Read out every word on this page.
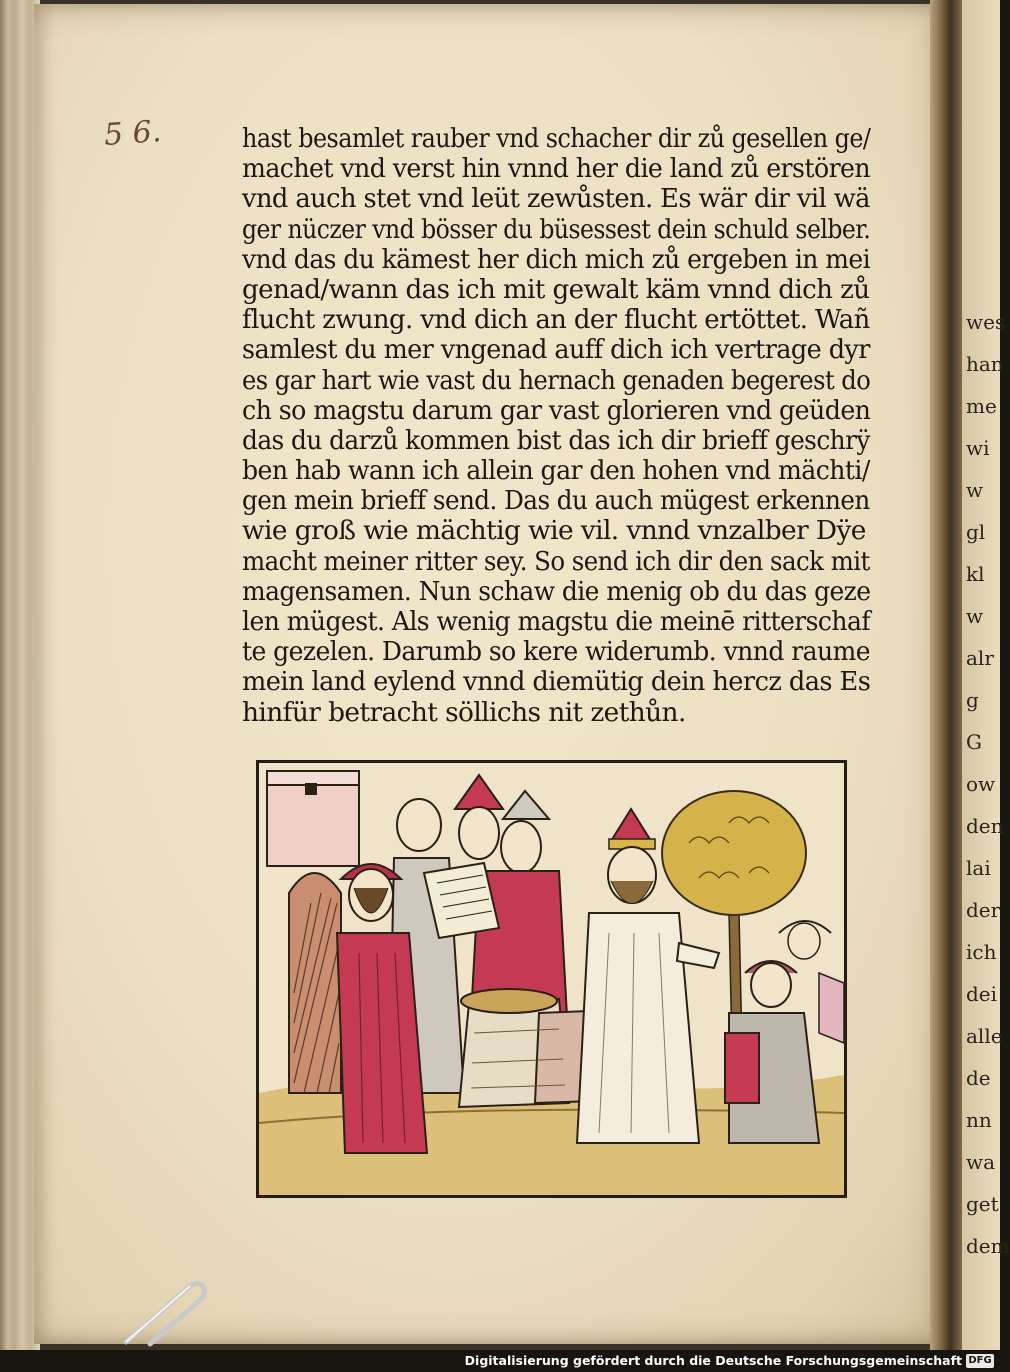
wes
han
me
wi
w
gl
kl
w
alr
g
G
ow
den
lai
der
ich
dei
alle
de
nn
wa
get
dem
5 6.	hast besamlet rauber vnd schacher dir zů gesellen ge/
machet vnd verst hin vnnd her die land zů erstören
vnd auch stet vnd leüt zewůsten. Es wär dir vil wä
ger nüczer vnd bösser du büsessest dein schuld selber.
vnd das du kämest her dich mich zů ergeben in mei
genad/wann das ich mit gewalt käm vnnd dich zů
flucht zwung. vnd dich an der flucht ertöttet. Wañ
samlest du mer vngenad auff dich ich vertrage dyr
es gar hart wie vast du hernach genaden begerest do
ch so magstu darum gar vast glorieren vnd geüden
das du darzů kommen bist das ich dir brieff geschrÿ
ben hab wann ich allein gar den hohen vnd mächti/
gen mein brieff send. Das du auch mügest erkennen
wie groß wie mächtig wie vil. vnnd vnzalber Dÿe
macht meiner ritter sey. So send ich dir den sack mit
magensamen. Nun schaw die menig ob du das geze
len mügest. Als wenig magstu die meinē ritterschaf
te gezelen. Darumb so kere widerumb. vnnd raume
mein land eylend vnnd diemütig dein hercz das Es
hinfür betracht söllichs nit zethůn.
Digitalisierung gefördert durch die Deutsche Forschungsgemeinschaft DFG
